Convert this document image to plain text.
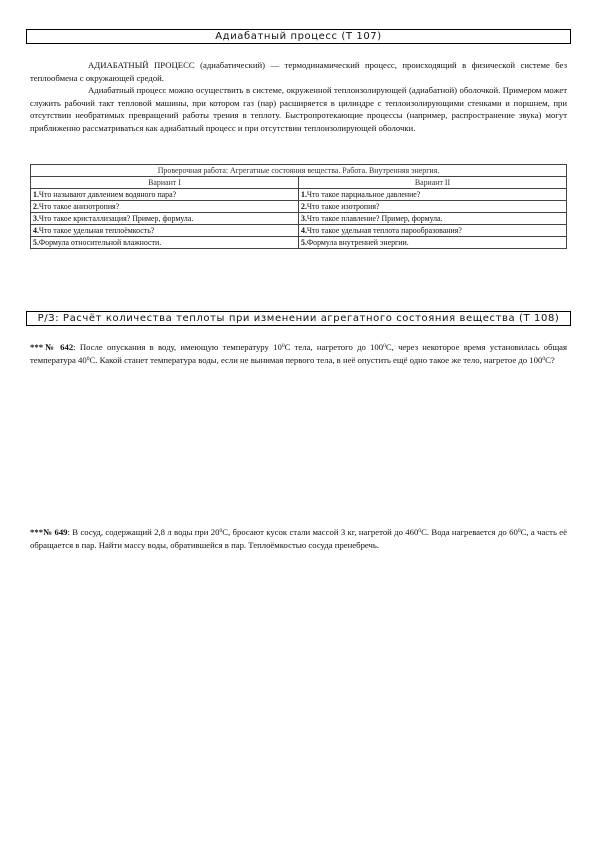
Адиабатный процесс (Т 107)

АДИАБАТНЫЙ ПРОЦЕСС (адиабатический) — термодинамический процесс, происходящий в физической системе без теплообмена с окружающей средой.

Адиабатный процесс можно осуществить в системе, окруженной теплоизолирующей (адиабатной) оболочкой. Примером может служить рабочий такт тепловой машины, при котором газ (пар) расширяется в цилиндре с теплоизолирующими стенками и поршнем, при отсутствии необратимых превращений работы трения в теплоту. Быстропротекающие процессы (например, распространение звука) могут приближенно рассматриваться как адиабатный процесс и при отсутствии теплоизолирующей оболочки.

Проверочная работа: Агрегатные состояния вещества. Работа. Внутренняя энергия.	
Вариант I	Вариант II
1.Что называют давлением водяного пара?	1.Что такое парциальное давление?
2.Что такое анизотропия?	2.Что такое изотропия?
3.Что такое кристаллизация? Пример, формула.	3.Что такое плавление? Пример, формула.
4.Что такое удельная теплоёмкость?	4.Что такое удельная теплота парообразования?
5.Формула относительной влажности.	5.Формула внутренней энергии.
Р/З: Расчёт количества теплоты при изменении агрегатного состояния вещества (Т 108)
***№ 642: После опускания в воду, имеющую температуру $10^0С$ тела, нагретого до $100^0С$, через некоторое время установилась общая температура $40^0С$. Какой станет температура воды, если не вынимая первого тела, в неё опустить ещё одно такое же тело, нагретое до $100^0С$?
***№ 649: В сосуд, содержащий 2,8 л воды при $20^0С$, бросают кусок стали массой 3 кг, нагретой до $460^0С$. Вода нагревается до $60^0С$, а часть её обращается в пар. Найти массу воды, обратившейся в пар. Теплоёмкостью сосуда пренебречь.
